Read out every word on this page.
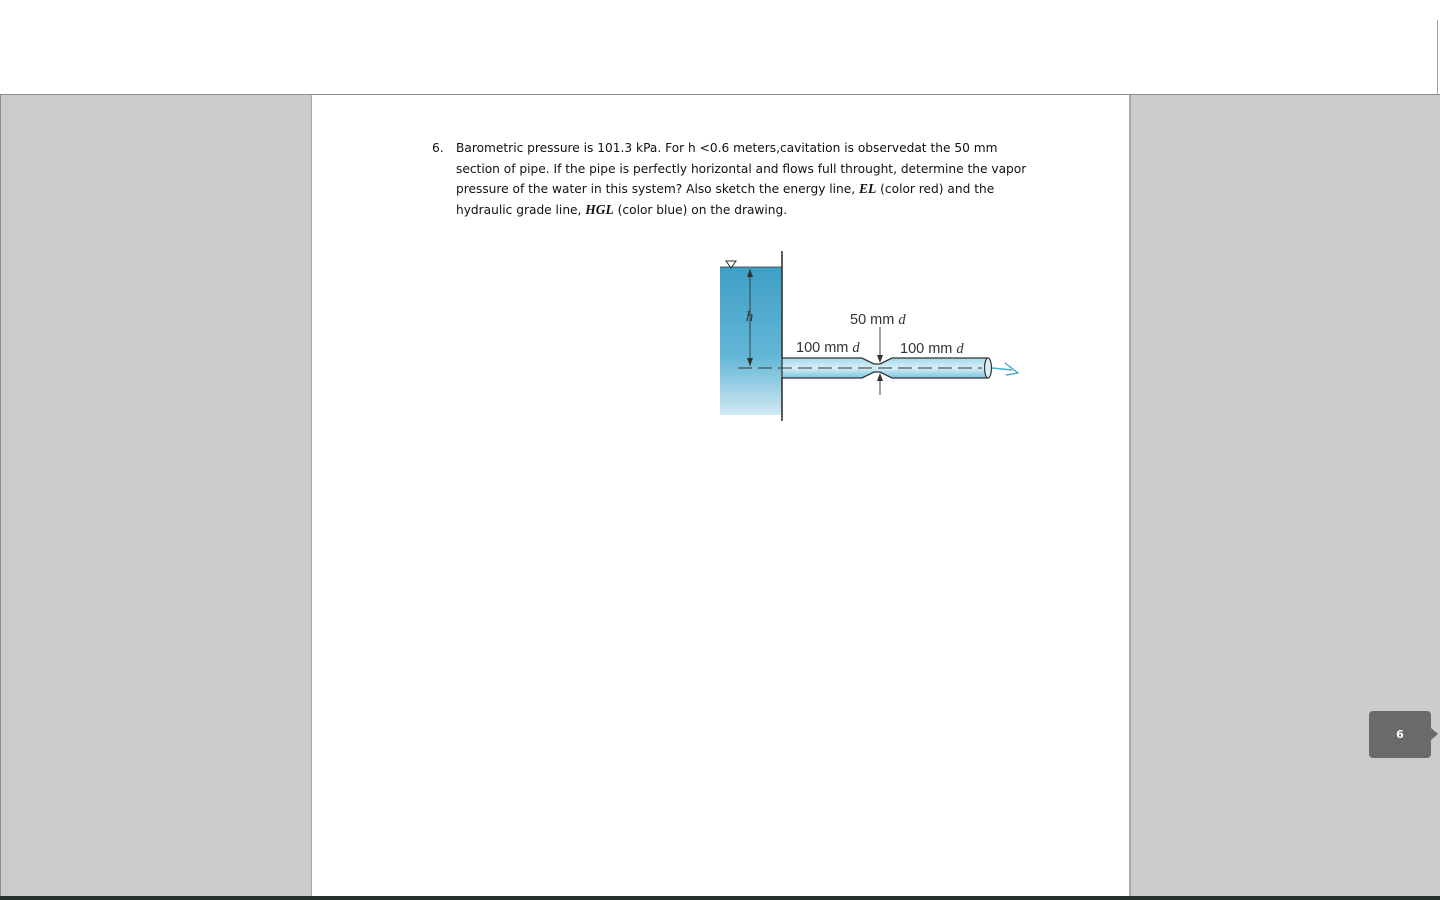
6. Barometric pressure is 101.3 kPa. For h <0.6 meters,cavitation is observedat the 50 mm section of pipe. If the pipe is perfectly horizontal and flows full throught, determine the vapor pressure of the water in this system? Also sketch the energy line, EL (color red) and the hydraulic grade line, HGL (color blue) on the drawing.
h	50 mm d
100 mm d	100 mm d
6
